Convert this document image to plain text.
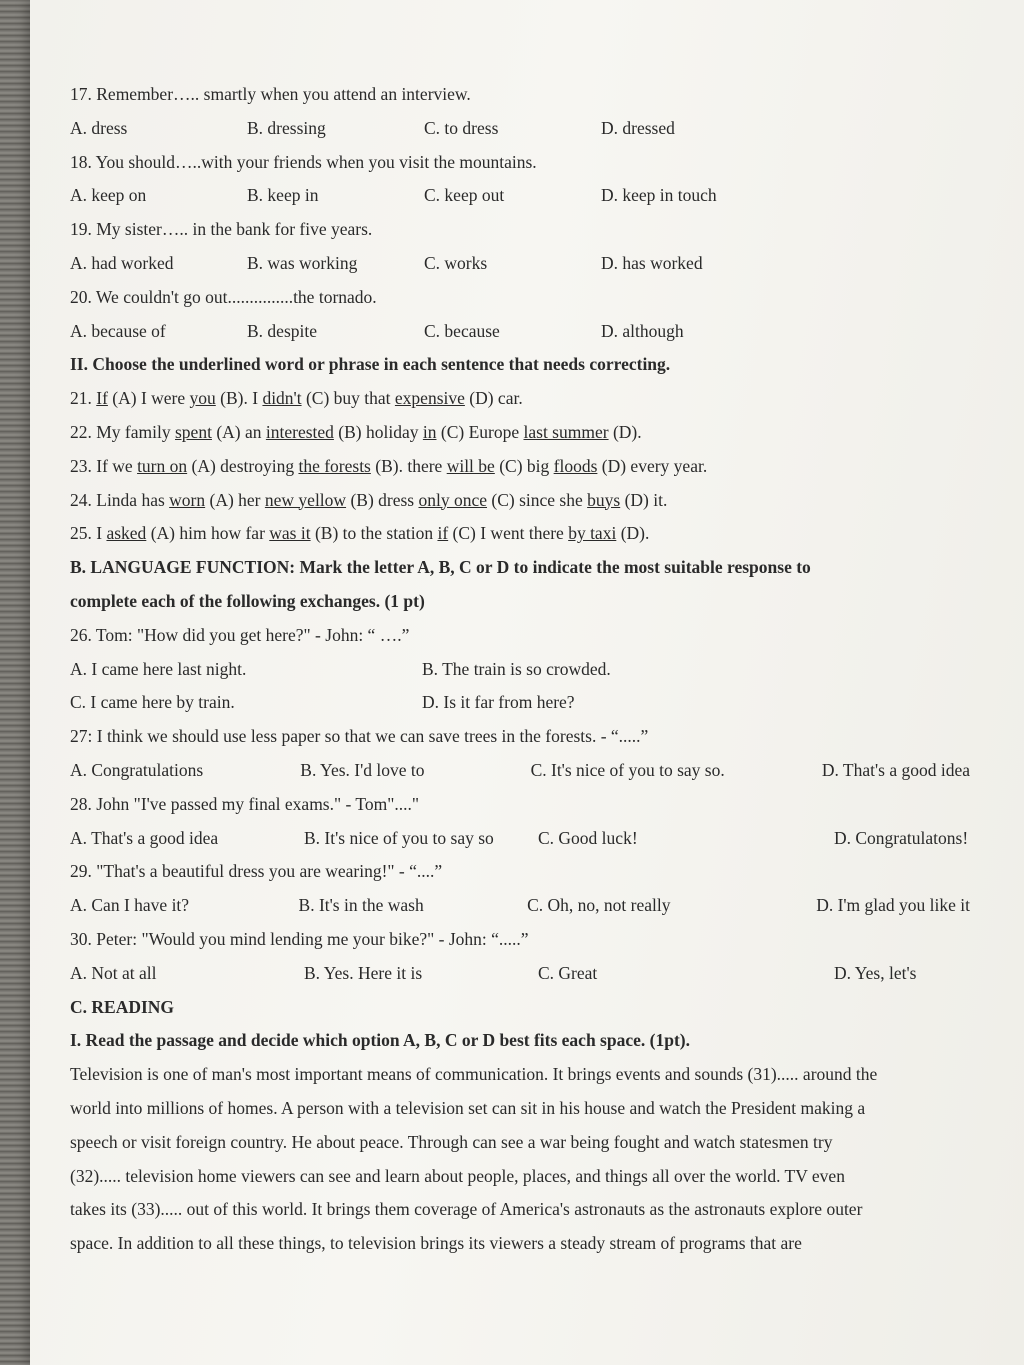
17. Remember….. smartly when you attend an interview.
A. dress	B. dressing	C. to dress	D. dressed
18. You should…..with your friends when you visit the mountains.
A. keep on	B. keep in	C. keep out	D. keep in touch
19. My sister….. in the bank for five years.
A. had worked	B. was working	C. works	D. has worked
20. We couldn't go out...............the tornado.
A. because of	B. despite	C. because	D. although
II. Choose the underlined word or phrase in each sentence that needs correcting.
21. If (A) I were you (B). I didn't (C) buy that expensive (D) car.
22. My family spent (A) an interested (B) holiday in (C) Europe last summer (D).
23. If we turn on (A) destroying the forests (B). there will be (C) big floods (D) every year.
24. Linda has worn (A) her new yellow (B) dress only once (C) since she buys (D) it.
25. I asked (A) him how far was it (B) to the station if (C) I went there by taxi (D).
B. LANGUAGE FUNCTION: Mark the letter A, B, C or D to indicate the most suitable response to
complete each of the following exchanges. (1 pt)
26. Tom: "How did you get here?" - John: “ ….”
A. I came here last night.	B. The train is so crowded.
C. I came here by train.	D. Is it far from here?
27: I think we should use less paper so that we can save trees in the forests. - “.....”
A. Congratulations	B. Yes. I'd love to	C. It's nice of you to say so.	D. That's a good idea
28. John "I've passed my final exams." - Tom"...."
A. That's a good idea	B. It's nice of you to say so	C. Good luck!	D. Congratulatons!
29. "That's a beautiful dress you are wearing!" - “....”
A. Can I have it?	B. It's in the wash	C. Oh, no, not really	D. I'm glad you like it
30. Peter: "Would you mind lending me your bike?" - John: “.....”
A. Not at all	B. Yes. Here it is	C. Great	D. Yes, let's
C. READING
I. Read the passage and decide which option A, B, C or D best fits each space. (1pt).
Television is one of man's most important means of communication. It brings events and sounds (31)..... around the
world into millions of homes. A person with a television set can sit in his house and watch the President making a
speech or visit foreign country. He about peace. Through can see a war being fought and watch statesmen try
(32)..... television home viewers can see and learn about people, places, and things all over the world. TV even
takes its (33)..... out of this world. It brings them coverage of America's astronauts as the astronauts explore outer
space. In addition to all these things, to television brings its viewers a steady stream of programs that are
